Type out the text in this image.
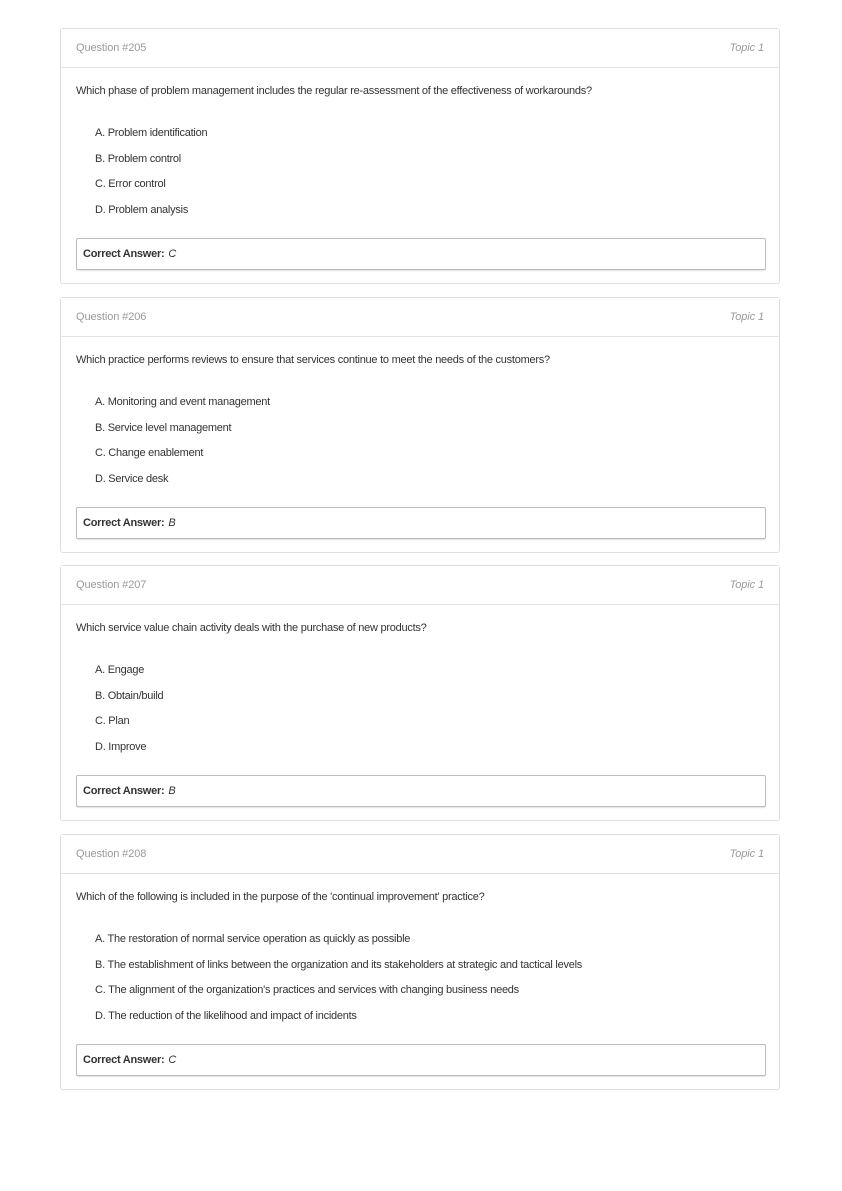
Question #205	Topic 1
Which phase of problem management includes the regular re-assessment of the effectiveness of workarounds?
A. Problem identification
B. Problem control
C. Error control
D. Problem analysis
Correct Answer: C
Question #206	Topic 1
Which practice performs reviews to ensure that services continue to meet the needs of the customers?
A. Monitoring and event management
B. Service level management
C. Change enablement
D. Service desk
Correct Answer: B
Question #207	Topic 1
Which service value chain activity deals with the purchase of new products?
A. Engage
B. Obtain/build
C. Plan
D. Improve
Correct Answer: B
Question #208	Topic 1
Which of the following is included in the purpose of the 'continual improvement' practice?
A. The restoration of normal service operation as quickly as possible
B. The establishment of links between the organization and its stakeholders at strategic and tactical levels
C. The alignment of the organization's practices and services with changing business needs
D. The reduction of the likelihood and impact of incidents
Correct Answer: C
